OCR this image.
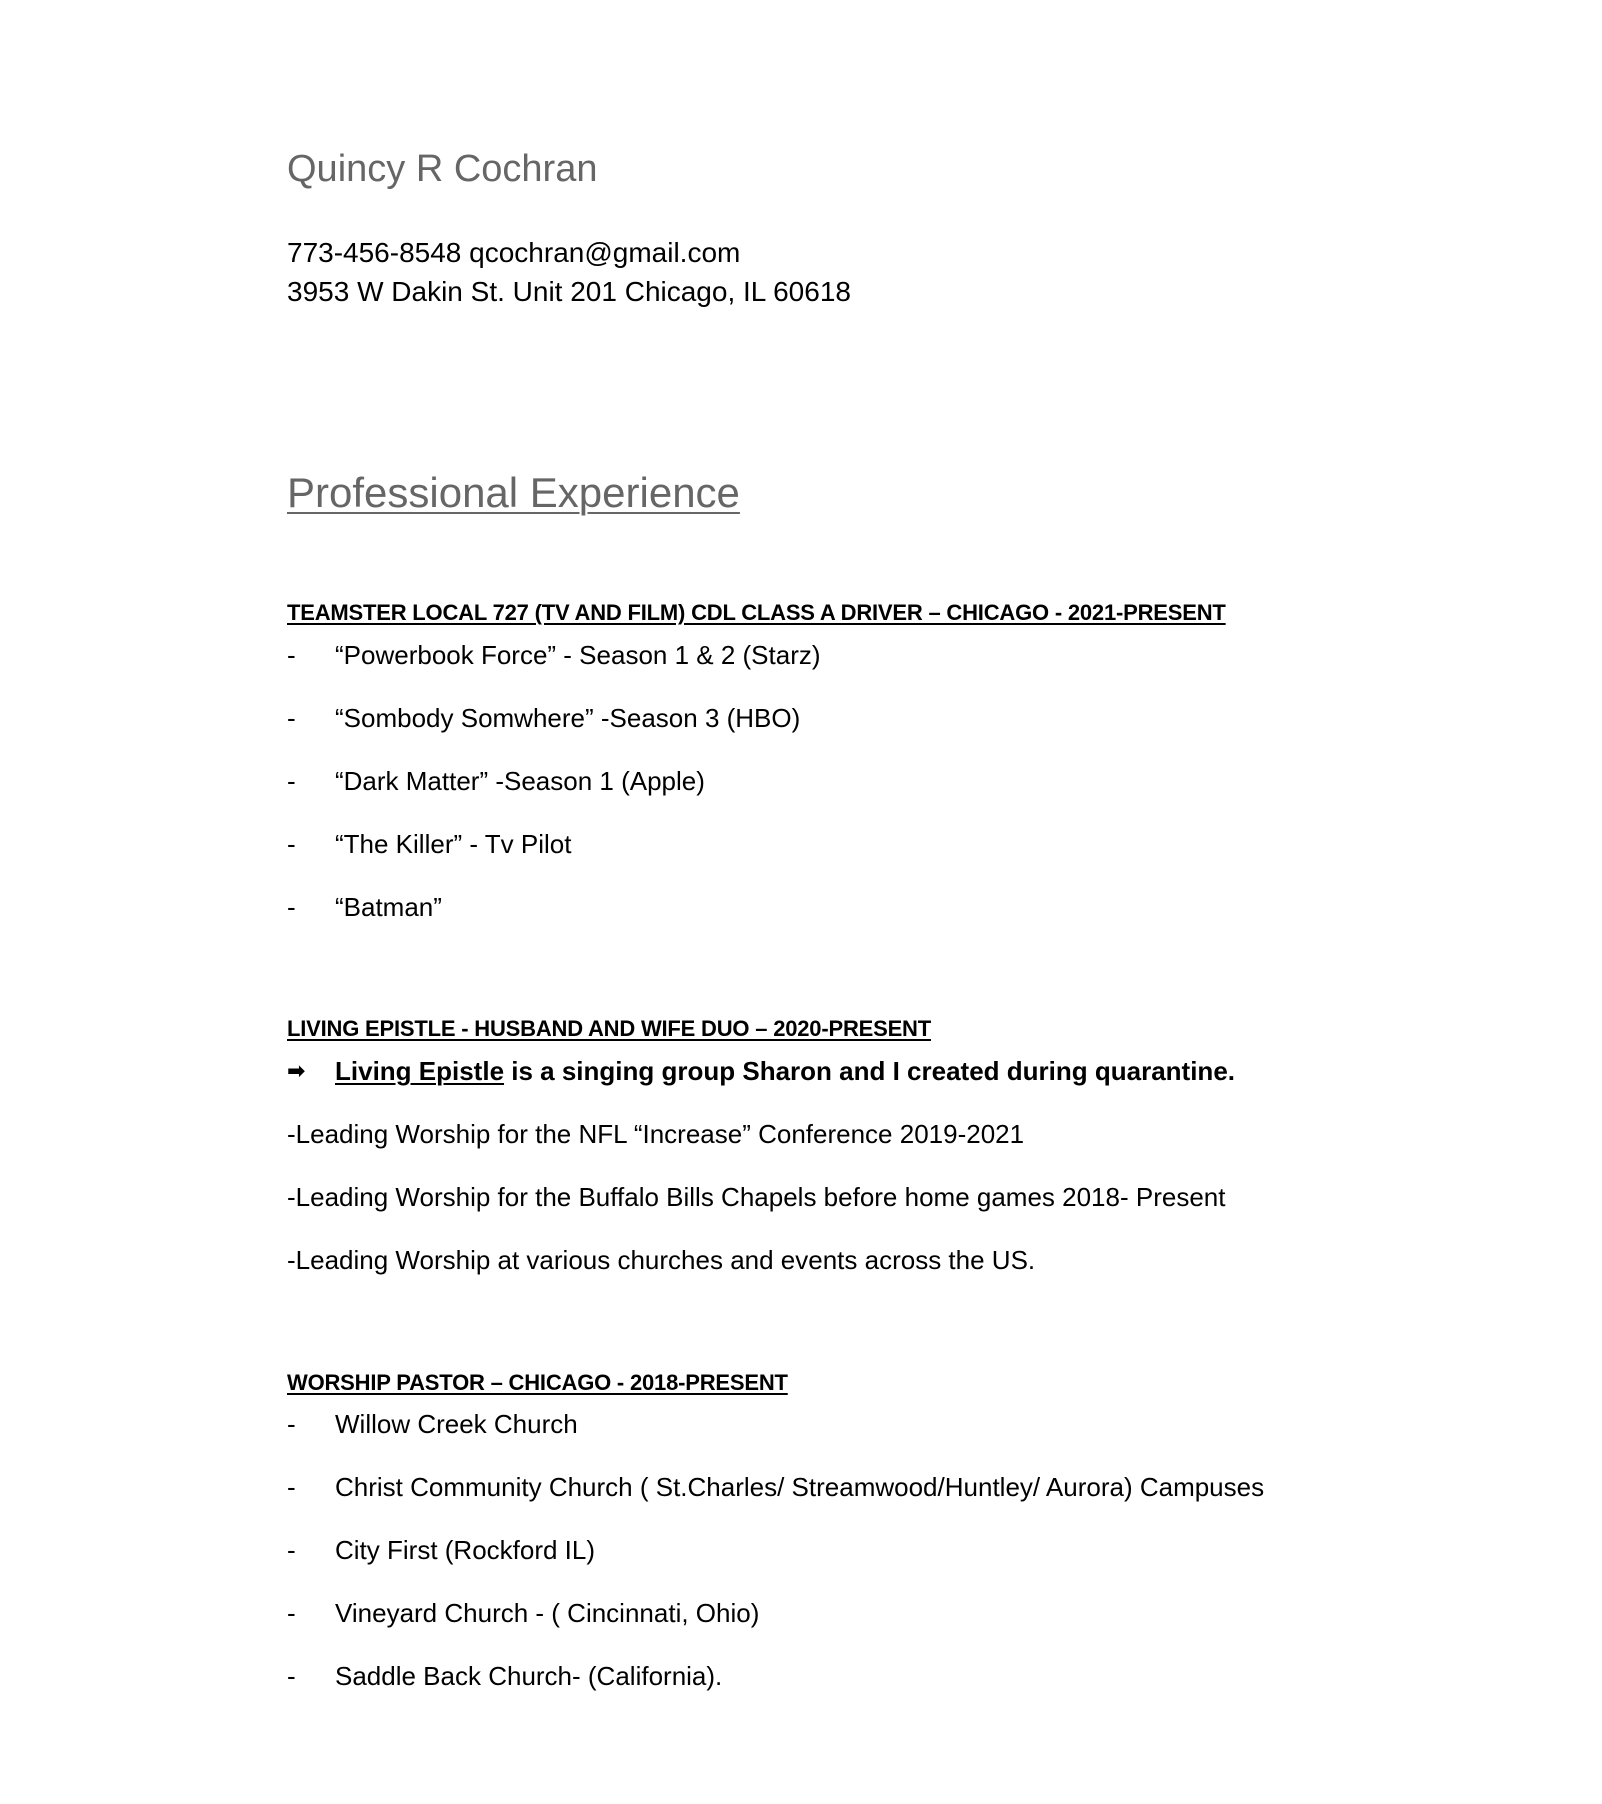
Quincy R Cochran
773-456-8548 qcochran@gmail.com
3953 W Dakin St. Unit 201 Chicago, IL 60618
Professional Experience
TEAMSTER LOCAL 727 (TV AND FILM) CDL CLASS A DRIVER – CHICAGO - 2021-PRESENT
- “Powerbook Force” - Season 1 & 2 (Starz)
- “Sombody Somwhere” -Season 3 (HBO)
- “Dark Matter” -Season 1 (Apple)
- “The Killer” - Tv Pilot
- “Batman”
LIVING EPISTLE - HUSBAND AND WIFE DUO – 2020-PRESENT
➡ Living Epistle is a singing group Sharon and I created during quarantine.
-Leading Worship for the NFL “Increase” Conference 2019-2021
-Leading Worship for the Buffalo Bills Chapels before home games 2018- Present
-Leading Worship at various churches and events across the US.
WORSHIP PASTOR – CHICAGO - 2018-PRESENT
- Willow Creek Church
- Christ Community Church ( St.Charles/ Streamwood/Huntley/ Aurora) Campuses
- City First (Rockford IL)
- Vineyard Church - ( Cincinnati, Ohio)
- Saddle Back Church- (California).
